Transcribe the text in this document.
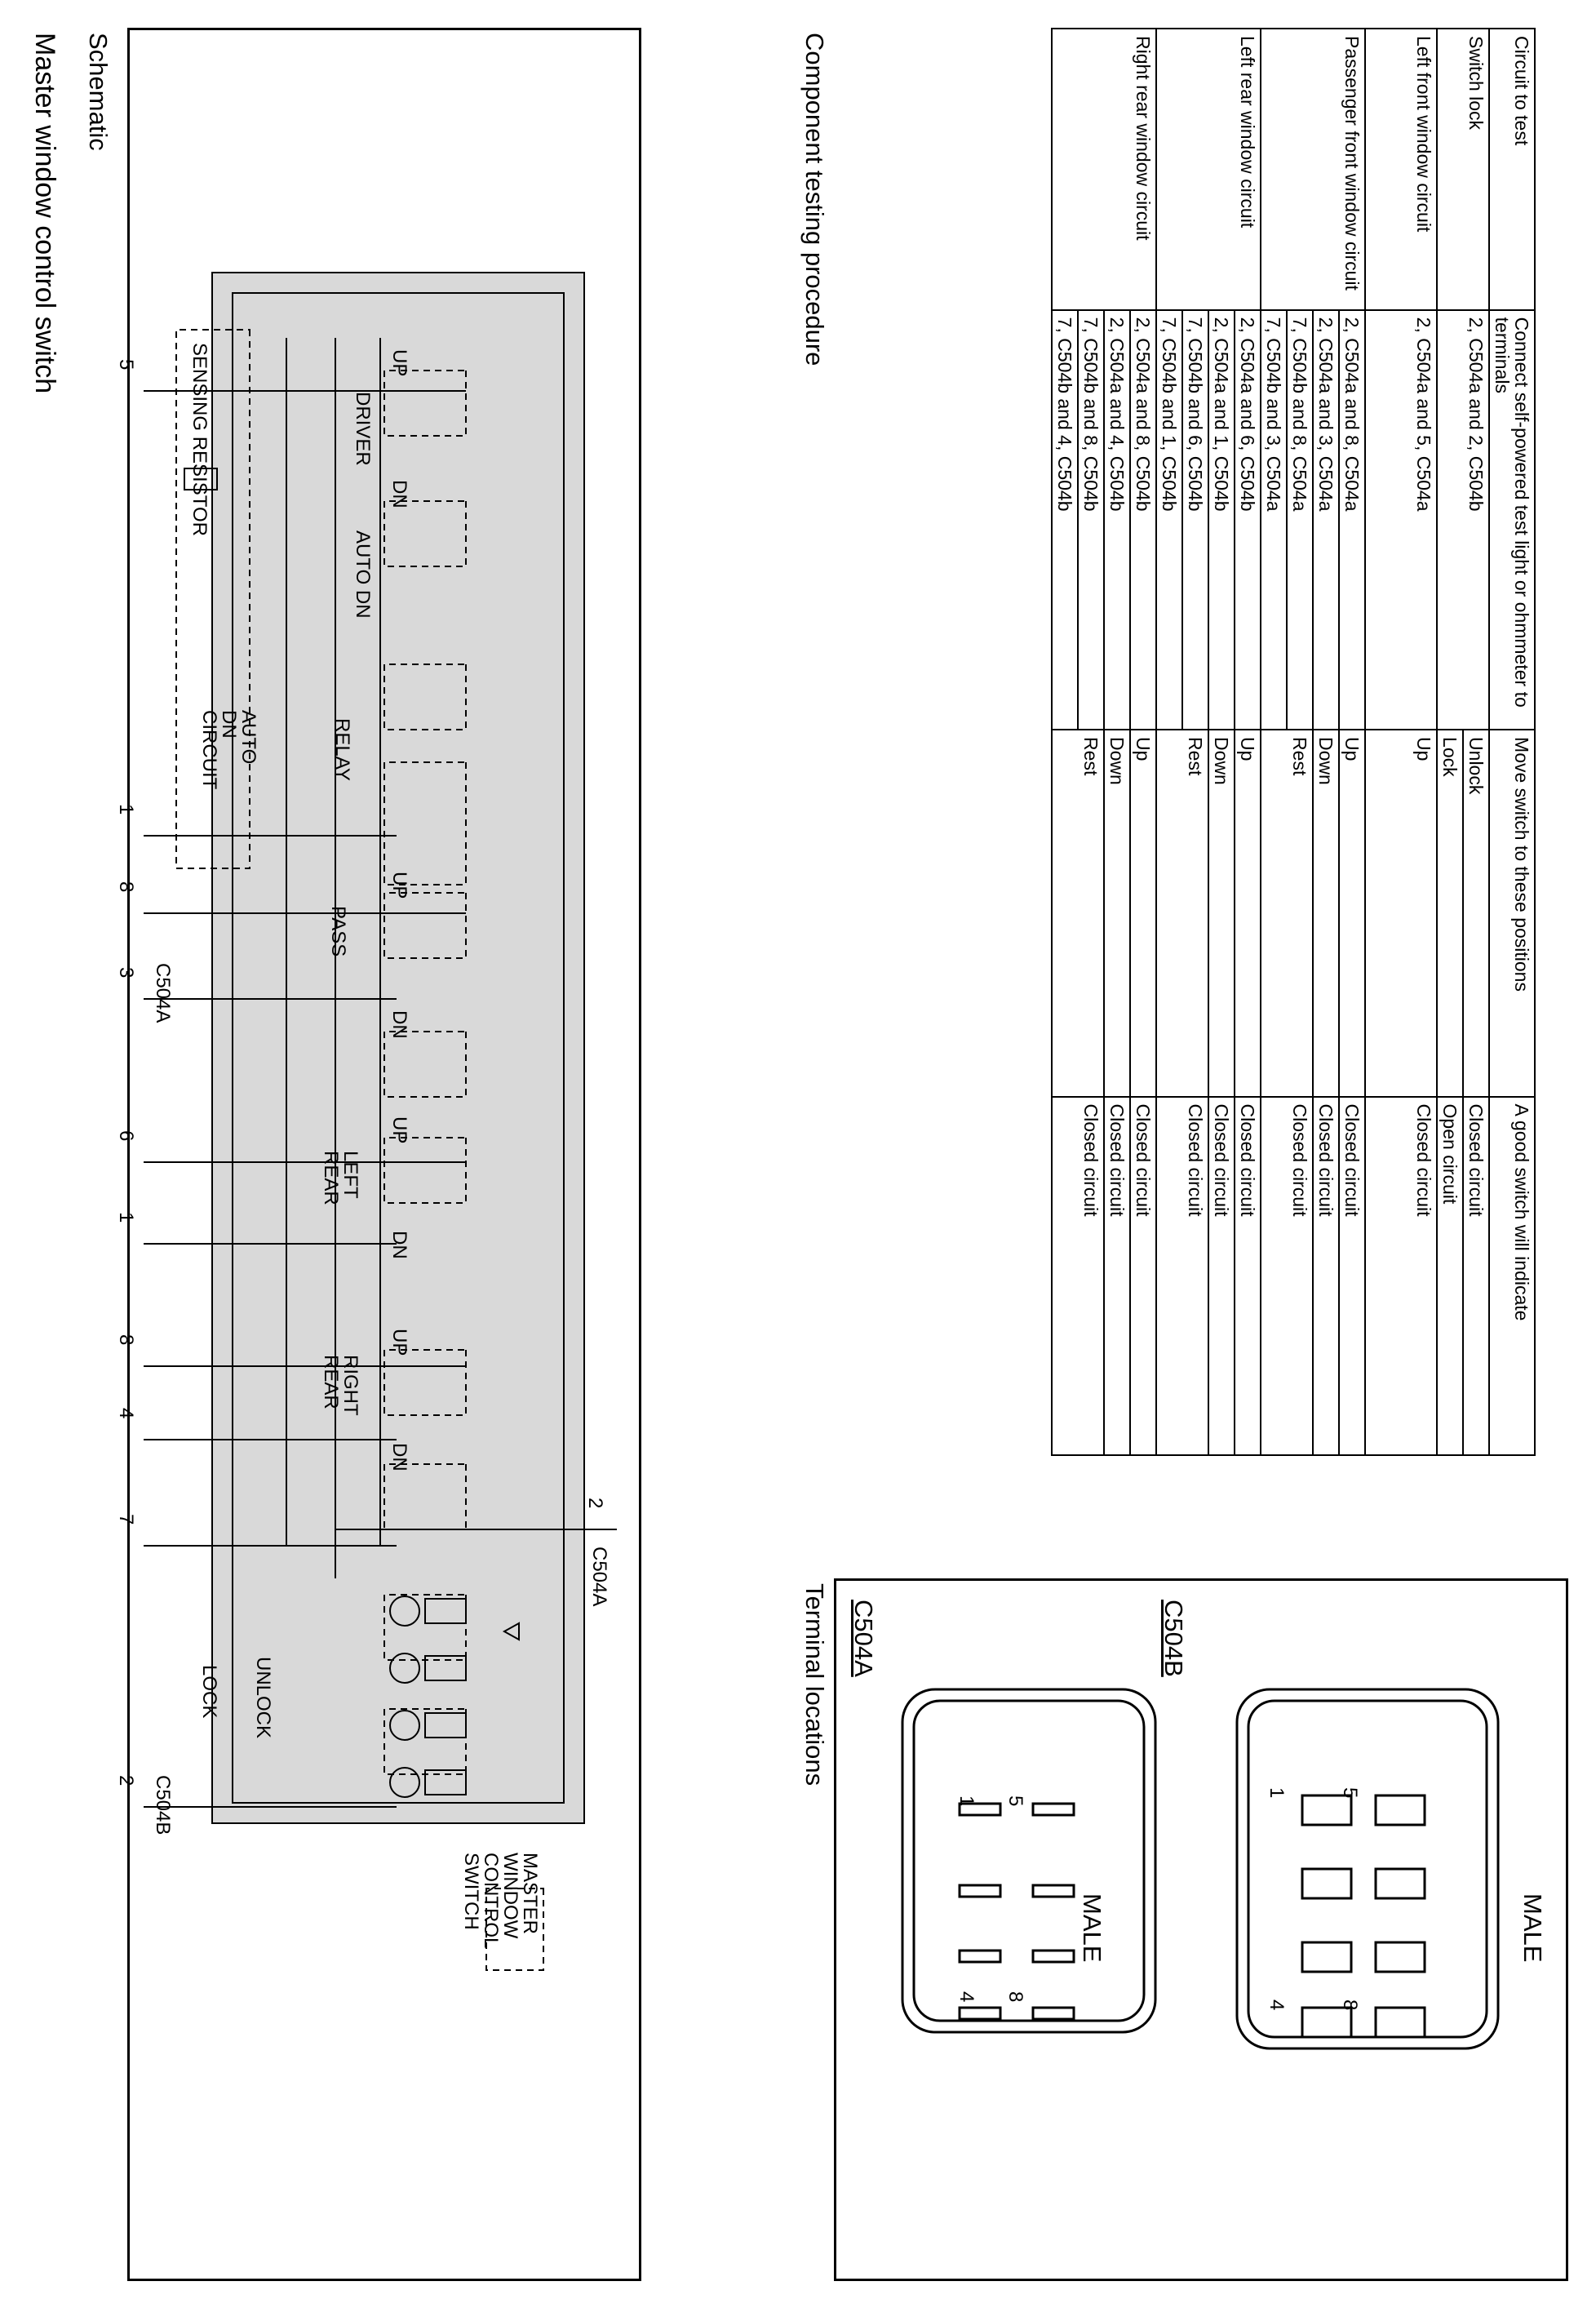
Master window control switch Schematic
MASTER WINDOW CONTROL SWITCH
SENSING RESISTOR
AUTO DN CIRCUIT	RELAY
DRIVER
AUTO DN
PASS
LEFT REAR
RIGHT REAR
LOCK UNLOCK
UP
DN
UP
DN
UP
DN
UP
DN
5
1
8
3
6
1
8
4
7
2
C504A
C504B
2
C504A
Component testing procedure	Circuit to test	Connect self-powered test light or ohmmeter to terminals	Move switch to these positions	A good switch will indicate
Switch lock	2, C504a and 2, C504b	Unlock	Closed circuit
		Lock	Open circuit
Left front window circuit	2, C504a and 5, C504a	Up	Closed circuit
Passenger front window circuit	2, C504a and 8, C504a	Up	Closed circuit
	2, C504a and 3, C504a	Down	Closed circuit
	7, C504b and 8, C504a	Rest	Closed circuit
	7, C504b and 3, C504a		
Left rear window circuit	2, C504a and 6, C504b	Up	Closed circuit
	2, C504a and 1, C504b	Down	Closed circuit
	7, C504b and 6, C504b	Rest	Closed circuit
	7, C504b and 1, C504b		
Right rear window circuit	2, C504a and 8, C504b	Up	Closed circuit
	2, C504a and 4, C504b	Down	Closed circuit
	7, C504b and 8, C504b	Rest	Closed circuit
	7, C504b and 4, C504b		
Terminal locations C504A
1
4
5
8
MALE
C504B
1
4
5
8
MALE
